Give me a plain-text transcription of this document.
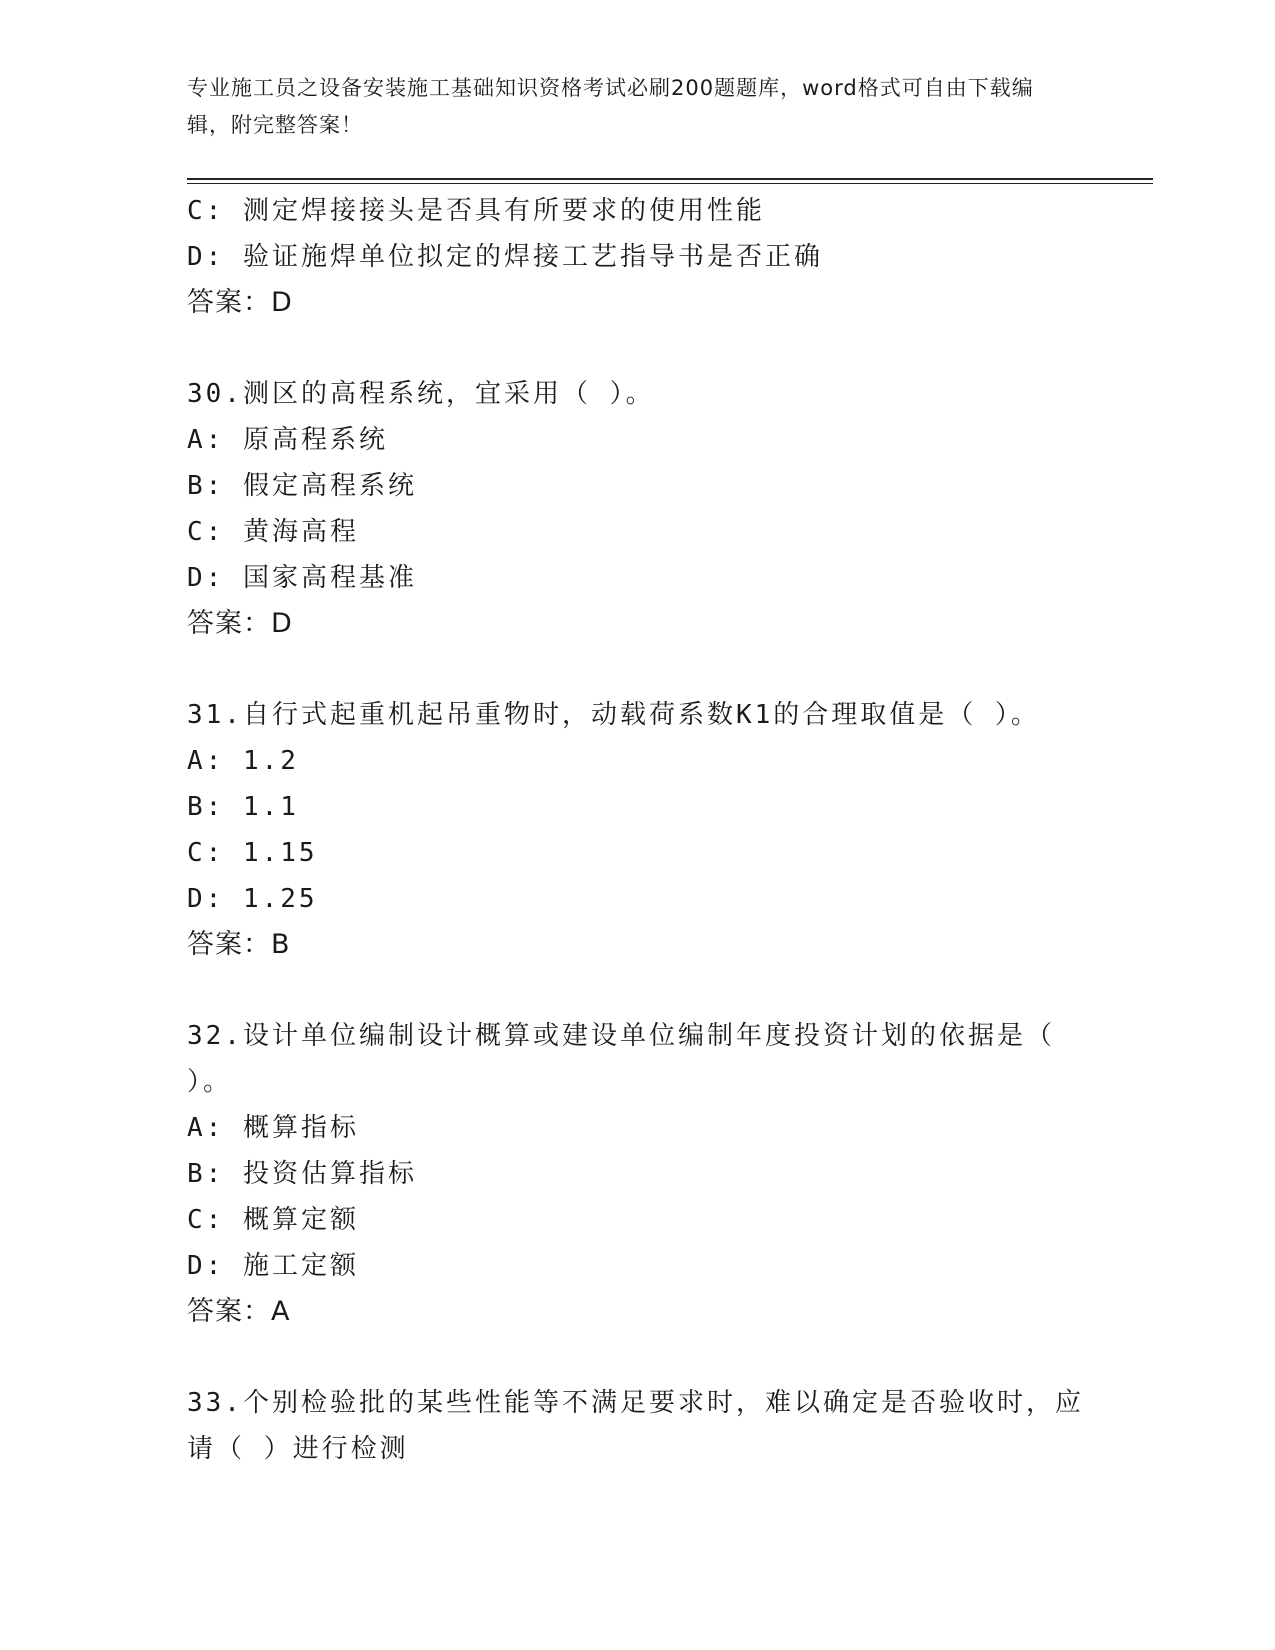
专业施工员之设备安装施工基础知识资格考试必刷200题题库，word格式可自由下载编辑，附完整答案！
C: 测定焊接接头是否具有所要求的使用性能
D: 验证施焊单位拟定的焊接工艺指导书是否正确
答案：D
30.测区的高程系统，宜采用（ ）。
A: 原高程系统
B: 假定高程系统
C: 黄海高程
D: 国家高程基准
答案：D
31.自行式起重机起吊重物时，动载荷系数K1的合理取值是（ ）。
A: 1.2
B: 1.1
C: 1.15
D: 1.25
答案：B
32.设计单位编制设计概算或建设单位编制年度投资计划的依据是（
）。
A: 概算指标
B: 投资估算指标
C: 概算定额
D: 施工定额
答案：A
33.个别检验批的某些性能等不满足要求时，难以确定是否验收时，应
请（ ）进行检测
